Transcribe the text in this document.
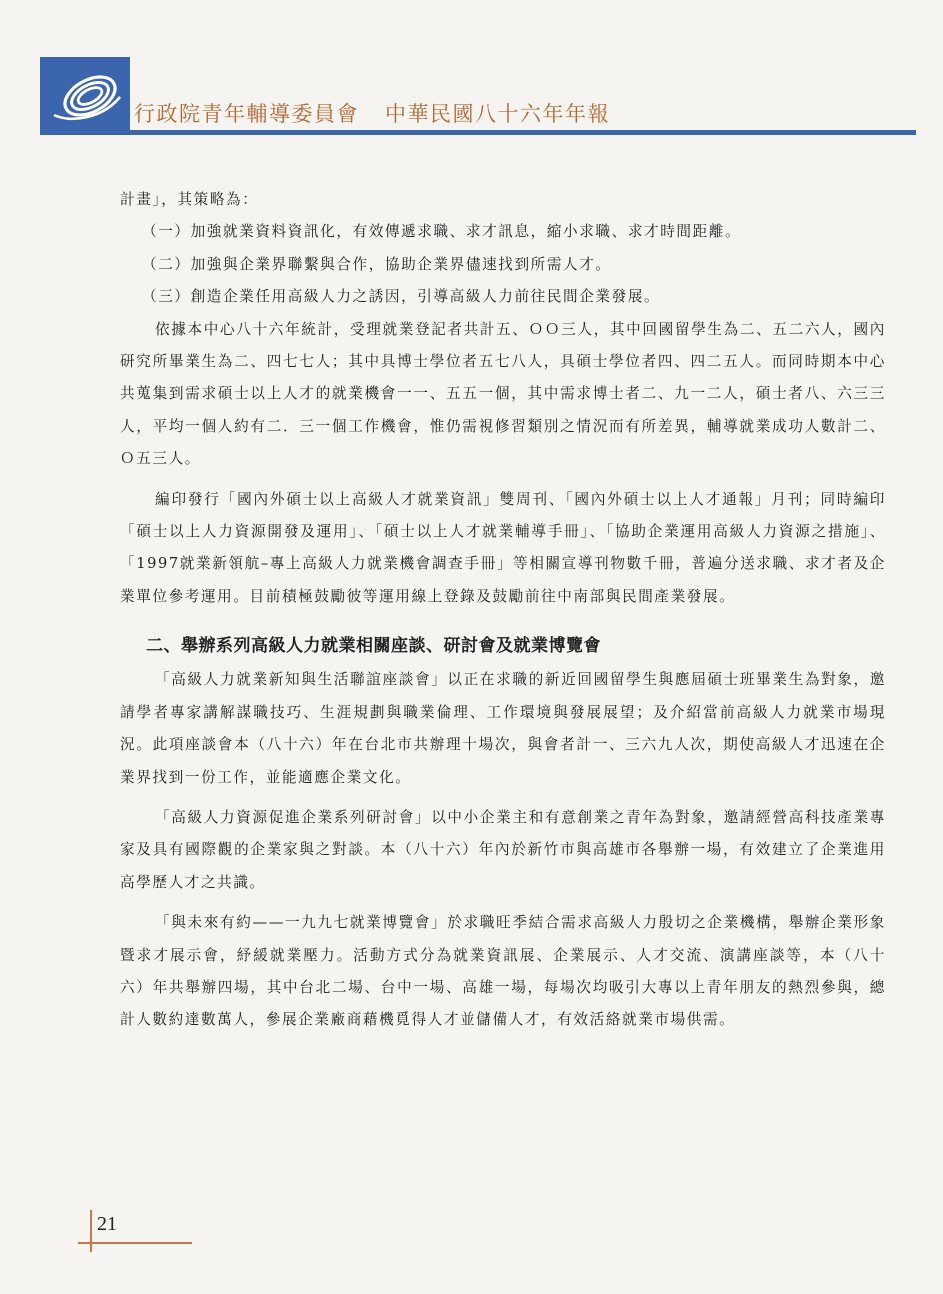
行政院青年輔導委員會 中華民國八十六年年報

計畫」，其策略為：

（一）加強就業資料資訊化，有效傳遞求職、求才訊息，縮小求職、求才時間距離。

（二）加強與企業界聯繫與合作，協助企業界儘速找到所需人才。

（三）創造企業任用高級人力之誘因，引導高級人力前往民間企業發展。

依據本中心八十六年統計，受理就業登記者共計五、ＯＯ三人，其中回國留學生為二、五二六人，國內研究所畢業生為二、四七七人；其中具博士學位者五七八人，具碩士學位者四、四二五人。而同時期本中心共蒐集到需求碩士以上人才的就業機會一一、五五一個，其中需求博士者二、九一二人，碩士者八、六三三人，平均一個人約有二．三一個工作機會，惟仍需視修習類別之情況而有所差異，輔導就業成功人數計二、Ｏ五三人。

編印發行「國內外碩士以上高級人才就業資訊」雙周刊、「國內外碩士以上人才通報」月刊；同時編印「碩士以上人力資源開發及運用」、「碩士以上人才就業輔導手冊」、「協助企業運用高級人力資源之措施」、「1997就業新領航–專上高級人力就業機會調查手冊」等相關宣導刊物數千冊，普遍分送求職、求才者及企業單位參考運用。目前積極鼓勵彼等運用線上登錄及鼓勵前往中南部與民間產業發展。

二、舉辦系列高級人力就業相關座談、研討會及就業博覽會

「高級人力就業新知與生活聯誼座談會」以正在求職的新近回國留學生與應屆碩士班畢業生為對象，邀請學者專家講解謀職技巧、生涯規劃與職業倫理、工作環境與發展展望；及介紹當前高級人力就業市場現況。此項座談會本（八十六）年在台北市共辦理十場次，與會者計一、三六九人次，期使高級人才迅速在企業界找到一份工作，並能適應企業文化。

「高級人力資源促進企業系列研討會」以中小企業主和有意創業之青年為對象，邀請經營高科技產業專家及具有國際觀的企業家與之對談。本（八十六）年內於新竹市與高雄市各舉辦一場，有效建立了企業進用高學歷人才之共識。

「與未來有約——一九九七就業博覽會」於求職旺季結合需求高級人力殷切之企業機構，舉辦企業形象暨求才展示會，紓緩就業壓力。活動方式分為就業資訊展、企業展示、人才交流、演講座談等，本（八十六）年共舉辦四場，其中台北二場、台中一場、高雄一場，每場次均吸引大專以上青年朋友的熱烈參與，總計人數約達數萬人，參展企業廠商藉機覓得人才並儲備人才，有效活絡就業市場供需。

21
